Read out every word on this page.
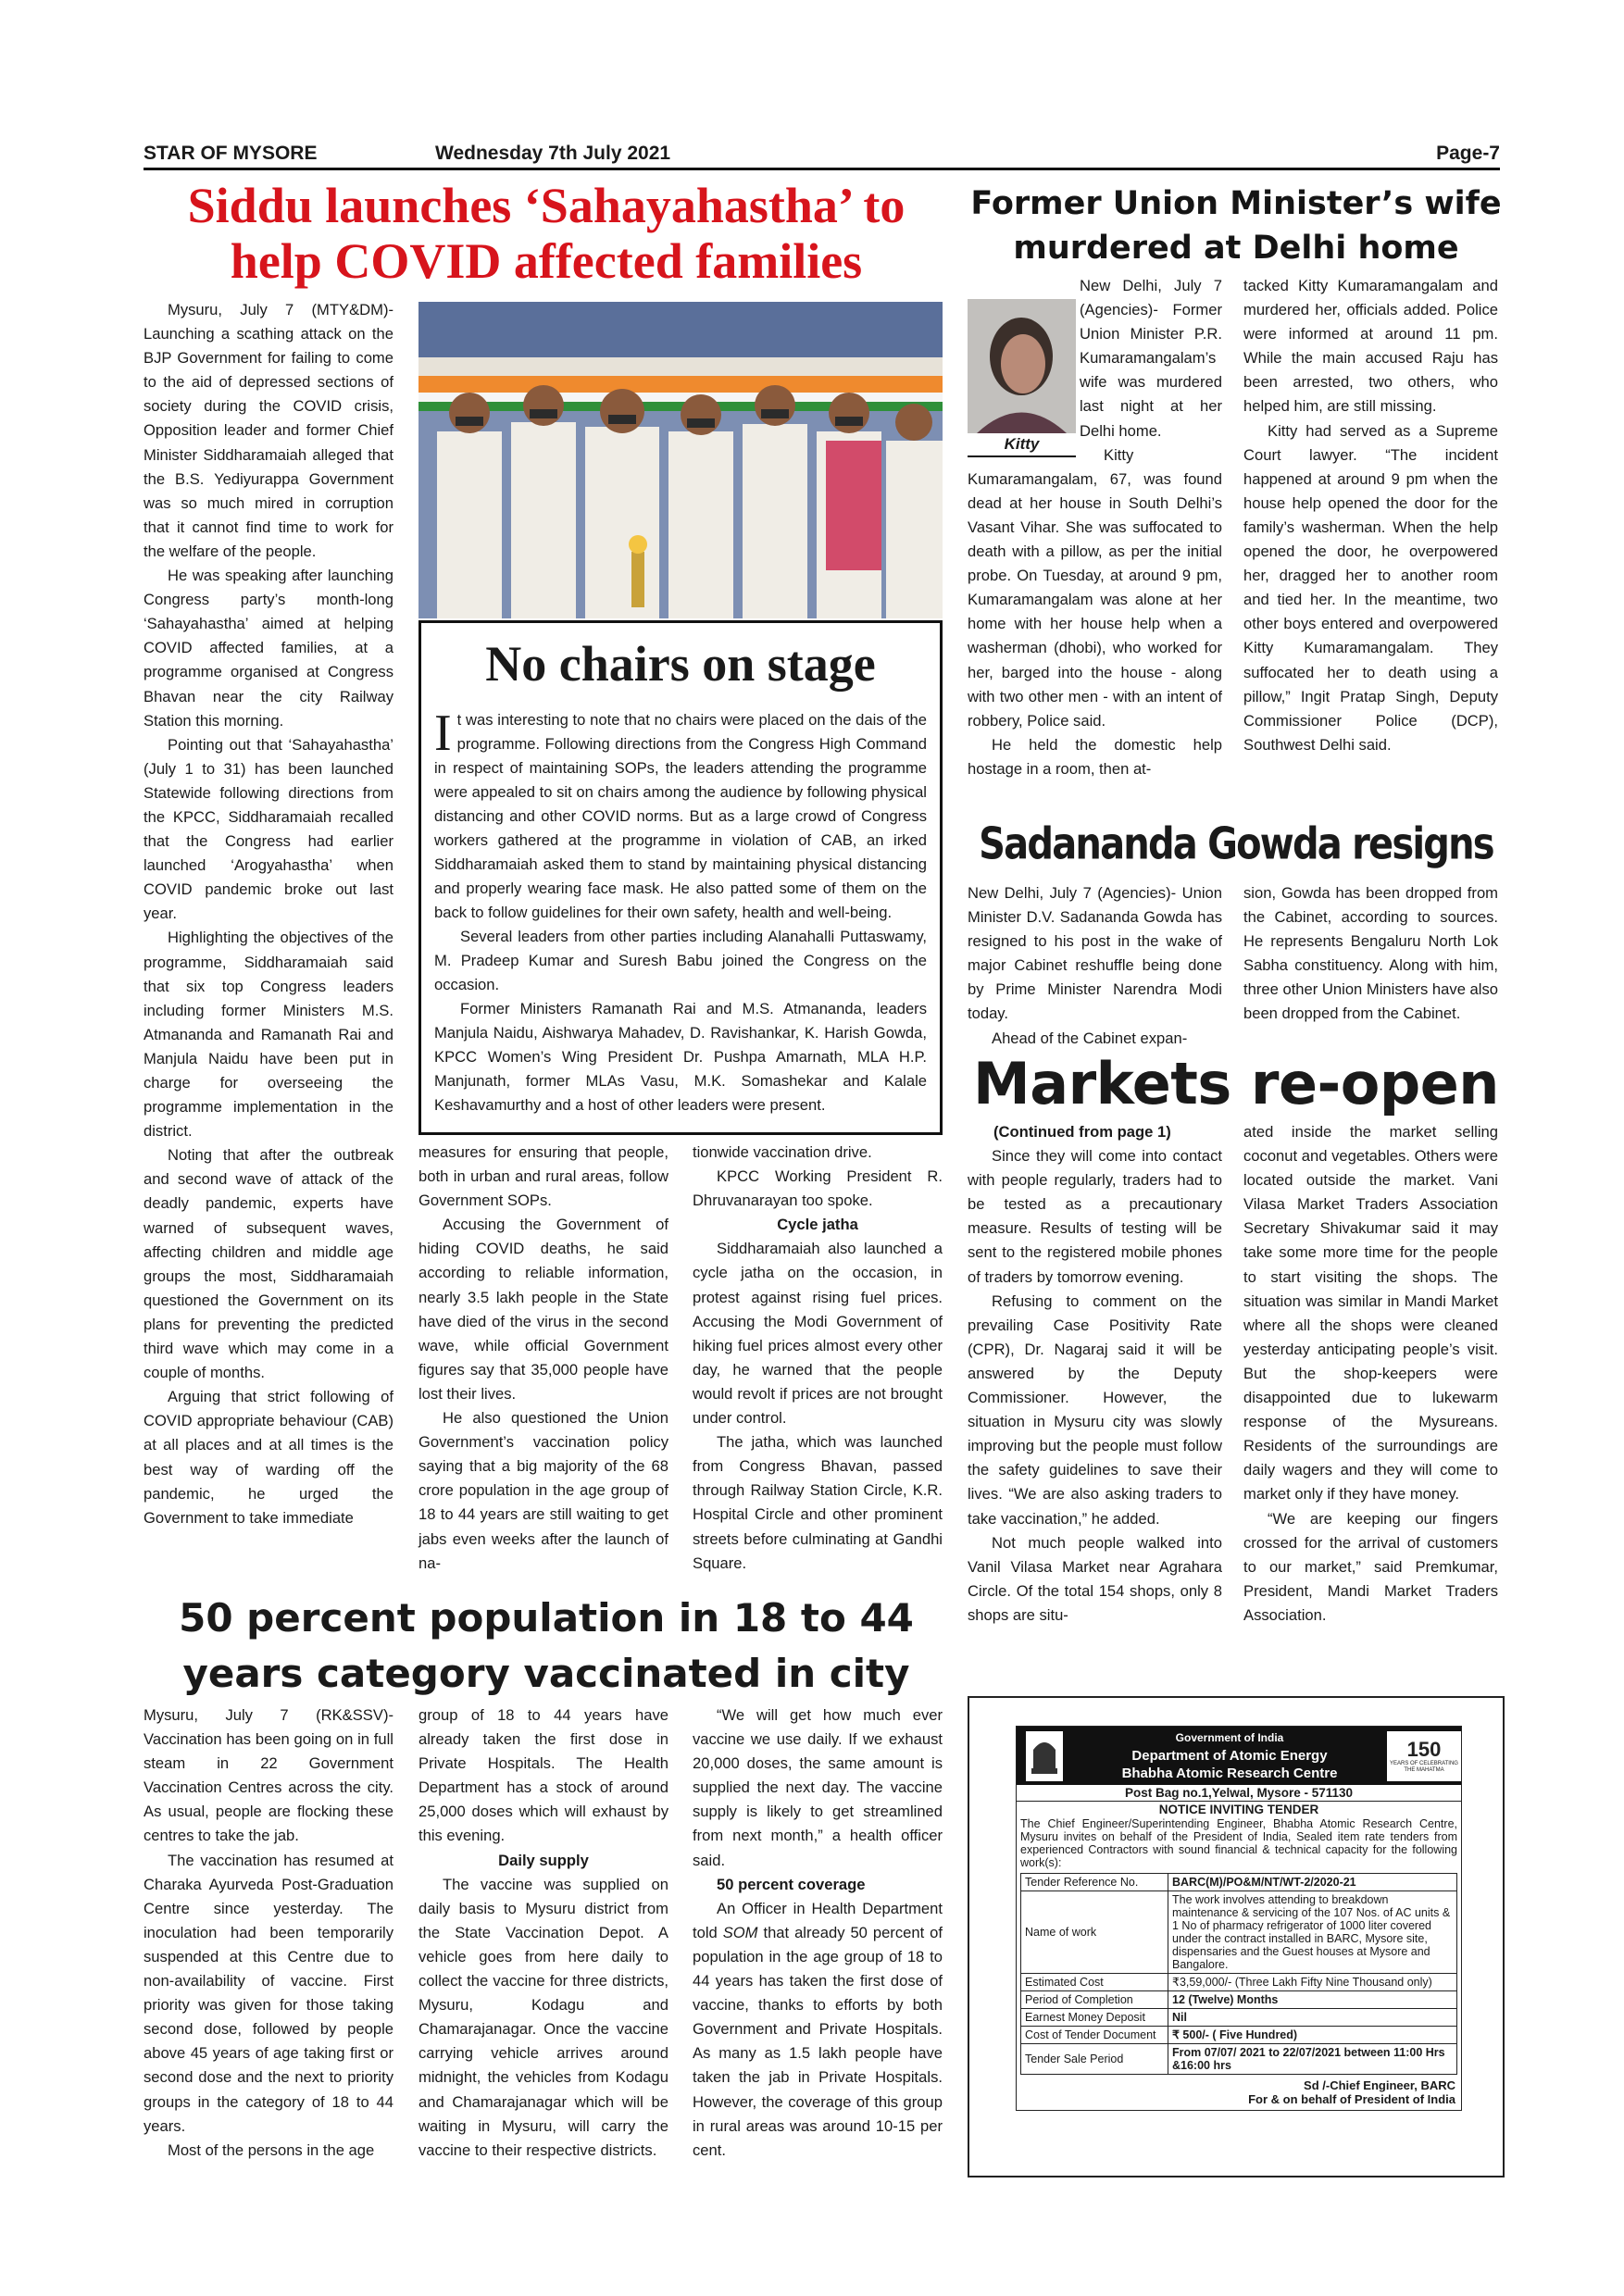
STAR OF MYSORE	Wednesday 7th July 2021	Page-7
Siddu launches ‘Sahayahastha’ to help COVID affected families

Mysuru, July 7 (MTY&DM)- Launching a scathing attack on the BJP Government for failing to come to the aid of depressed sections of society during the COVID crisis, Opposition leader and former Chief Minister Siddharamaiah alleged that the B.S. Yediyurappa Government was so much mired in corruption that it cannot find time to work for the welfare of the people.

He was speaking after launching Congress party’s month-long ‘Sahayahastha’ aimed at helping COVID affected families, at a programme organised at Congress Bhavan near the city Railway Station this morning.

Pointing out that ‘Sahayahastha’ (July 1 to 31) has been launched Statewide following directions from the KPCC, Siddharamaiah recalled that the Congress had earlier launched ‘Arogyahastha’ when COVID pandemic broke out last year.

Highlighting the objectives of the programme, Siddharamaiah said that six top Congress leaders including former Ministers M.S. Atmananda and Ramanath Rai and Manjula Naidu have been put in charge for overseeing the programme implementation in the district.

Noting that after the outbreak and second wave of attack of the deadly pandemic, experts have warned of subsequent waves, affecting children and middle age groups the most, Siddharamaiah questioned the Government on its plans for preventing the predicted third wave which may come in a couple of months.

Arguing that strict following of COVID appropriate behaviour (CAB) at all places and at all times is the best way of warding off the pandemic, he urged the Government to take immediate

No chairs on stage

It was interesting to note that no chairs were placed on the dais of the programme. Following directions from the Congress High Command in respect of maintaining SOPs, the leaders attending the programme were appealed to sit on chairs among the audience by following physical distancing and other COVID norms. But as a large crowd of Congress workers gathered at the programme in violation of CAB, an irked Siddharamaiah asked them to stand by maintaining physical distancing and properly wearing face mask. He also patted some of them on the back to follow guidelines for their own safety, health and well-being.

Several leaders from other parties including Alanahalli Puttaswamy, M. Pradeep Kumar and Suresh Babu joined the Congress on the occasion.

Former Ministers Ramanath Rai and M.S. Atmananda, leaders Manjula Naidu, Aishwarya Mahadev, D. Ravishankar, K. Harish Gowda, KPCC Women’s Wing President Dr. Pushpa Amarnath, MLA H.P. Manjunath, former MLAs Vasu, M.K. Somashekar and Kalale Keshavamurthy and a host of other leaders were present.

measures for ensuring that people, both in urban and rural areas, follow Government SOPs.

Accusing the Government of hiding COVID deaths, he said according to reliable information, nearly 3.5 lakh people in the State have died of the virus in the second wave, while official Government figures say that 35,000 people have lost their lives.

He also questioned the Union Government’s vaccination policy saying that a big majority of the 68 crore population in the age group of 18 to 44 years are still waiting to get jabs even weeks after the launch of na-

tionwide vaccination drive.

KPCC Working President R. Dhruvanarayan too spoke.

Cycle jatha

Siddharamaiah also launched a cycle jatha on the occasion, in protest against rising fuel prices. Accusing the Modi Government of hiking fuel prices almost every other day, he warned that the people would revolt if prices are not brought under control.

The jatha, which was launched from Congress Bhavan, passed through Railway Station Circle, K.R. Hospital Circle and other prominent streets before culminating at Gandhi Square.

Former Union Minister’s wife murdered at Delhi home
Kitty

New Delhi, July 7 (Agencies)- Former Union Minister P.R. Kumaramangalam’s wife was murdered last night at her Delhi home.

Kitty Kumaramangalam, 67, was found dead at her house in South Delhi’s Vasant Vihar. She was suffocated to death with a pillow, as per the initial probe. On Tuesday, at around 9 pm, Kumaramangalam was alone at her home with her house help when a washerman (dhobi), who worked for her, barged into the house - along with two other men - with an intent of robbery, Police said.

He held the domestic help hostage in a room, then at-

tacked Kitty Kumaramangalam and murdered her, officials added. Police were informed at around 11 pm. While the main accused Raju has been arrested, two others, who helped him, are still missing.

Kitty had served as a Supreme Court lawyer. “The incident happened at around 9 pm when the house help opened the door for the family’s washerman. When the help opened the door, he overpowered her, dragged her to another room and tied her. In the meantime, two other boys entered and overpowered Kitty Kumaramangalam. They suffocated her to death using a pillow,” Ingit Pratap Singh, Deputy Commissioner Police (DCP), Southwest Delhi said.

Sadananda Gowda resigns

New Delhi, July 7 (Agencies)- Union Minister D.V. Sadananda Gowda has resigned to his post in the wake of major Cabinet reshuffle being done by Prime Minister Narendra Modi today.

Ahead of the Cabinet expan-

sion, Gowda has been dropped from the Cabinet, according to sources. He represents Bengaluru North Lok Sabha constituency. Along with him, three other Union Ministers have also been dropped from the Cabinet.

Markets re-open

(Continued from page 1)

Since they will come into contact with people regularly, traders had to be tested as a precautionary measure. Results of testing will be sent to the registered mobile phones of traders by tomorrow evening.

Refusing to comment on the prevailing Case Positivity Rate (CPR), Dr. Nagaraj said it will be answered by the Deputy Commissioner. However, the situation in Mysuru city was slowly improving but the people must follow the safety guidelines to save their lives. “We are also asking traders to take vaccination,” he added.

Not much people walked into Vanil Vilasa Market near Agrahara Circle. Of the total 154 shops, only 8 shops are situ-

ated inside the market selling coconut and vegetables. Others were located outside the market. Vani Vilasa Market Traders Association Secretary Shivakumar said it may take some more time for the people to start visiting the shops. The situation was similar in Mandi Market where all the shops were cleaned yesterday anticipating people’s visit. But the shop-keepers were disappointed due to lukewarm response of the Mysureans. Residents of the surroundings are daily wagers and they will come to market only if they have money.

“We are keeping our fingers crossed for the arrival of customers to our market,” said Premkumar, President, Mandi Market Traders Association.

50 percent population in 18 to 44 years category vaccinated in city

Mysuru, July 7 (RK&SSV)- Vaccination has been going on in full steam in 22 Government Vaccination Centres across the city. As usual, people are flocking these centres to take the jab.

The vaccination has resumed at Charaka Ayurveda Post-Graduation Centre since yesterday. The inoculation had been temporarily suspended at this Centre due to non-availability of vaccine. First priority was given for those taking second dose, followed by people above 45 years of age taking first or second dose and the next to priority groups in the category of 18 to 44 years.

Most of the persons in the age

group of 18 to 44 years have already taken the first dose in Private Hospitals. The Health Department has a stock of around 25,000 doses which will exhaust by this evening.

Daily supply

The vaccine was supplied on daily basis to Mysuru district from the State Vaccination Depot. A vehicle goes from here daily to collect the vaccine for three districts, Mysuru, Kodagu and Chamarajanagar. Once the vaccine carrying vehicle arrives around midnight, the vehicles from Kodagu and Chamarajanagar which will be waiting in Mysuru, will carry the vaccine to their respective districts.

“We will get how much ever vaccine we use daily. If we exhaust 20,000 doses, the same amount is supplied the next day. The vaccine supply is likely to get streamlined from next month,” a health officer said.

50 percent coverage

An Officer in Health Department told SOM that already 50 percent of population in the age group of 18 to 44 years has taken the first dose of vaccine, thanks to efforts by both Government and Private Hospitals. As many as 1.5 lakh people have taken the jab in Private Hospitals. However, the coverage of this group in rural areas was around 10-15 per cent.

Government of India
Department of Atomic Energy
Bhabha Atomic Research Centre
150
YEARS OF CELEBRATING THE MAHATMA
Post Bag no.1,Yelwal, Mysore - 571130
NOTICE INVITING TENDER
The Chief Engineer/Superintending Engineer, Bhabha Atomic Research Centre, Mysuru invites on behalf of the President of India, Sealed item rate tenders from experienced Contractors with sound financial & technical capacity for the following work(s):
Tender Reference No.	BARC(M)/PO&M/NT/WT-2/2020-21
Name of work	The work involves attending to breakdown maintenance & servicing of the 107 Nos. of AC units & 1 No of pharmacy refrigerator of 1000 liter covered under the contract installed in BARC, Mysore site, dispensaries and the Guest houses at Mysore and Bangalore.
Estimated Cost	₹3,59,000/- (Three Lakh Fifty Nine Thousand only)
Period of Completion	12 (Twelve) Months
Earnest Money Deposit	Nil
Cost of Tender Document	₹ 500/- ( Five Hundred)
Tender Sale Period	From 07/07/ 2021 to 22/07/2021 between 11:00 Hrs &16:00 hrs
Sd /-Chief Engineer, BARC
For & on behalf of President of India
